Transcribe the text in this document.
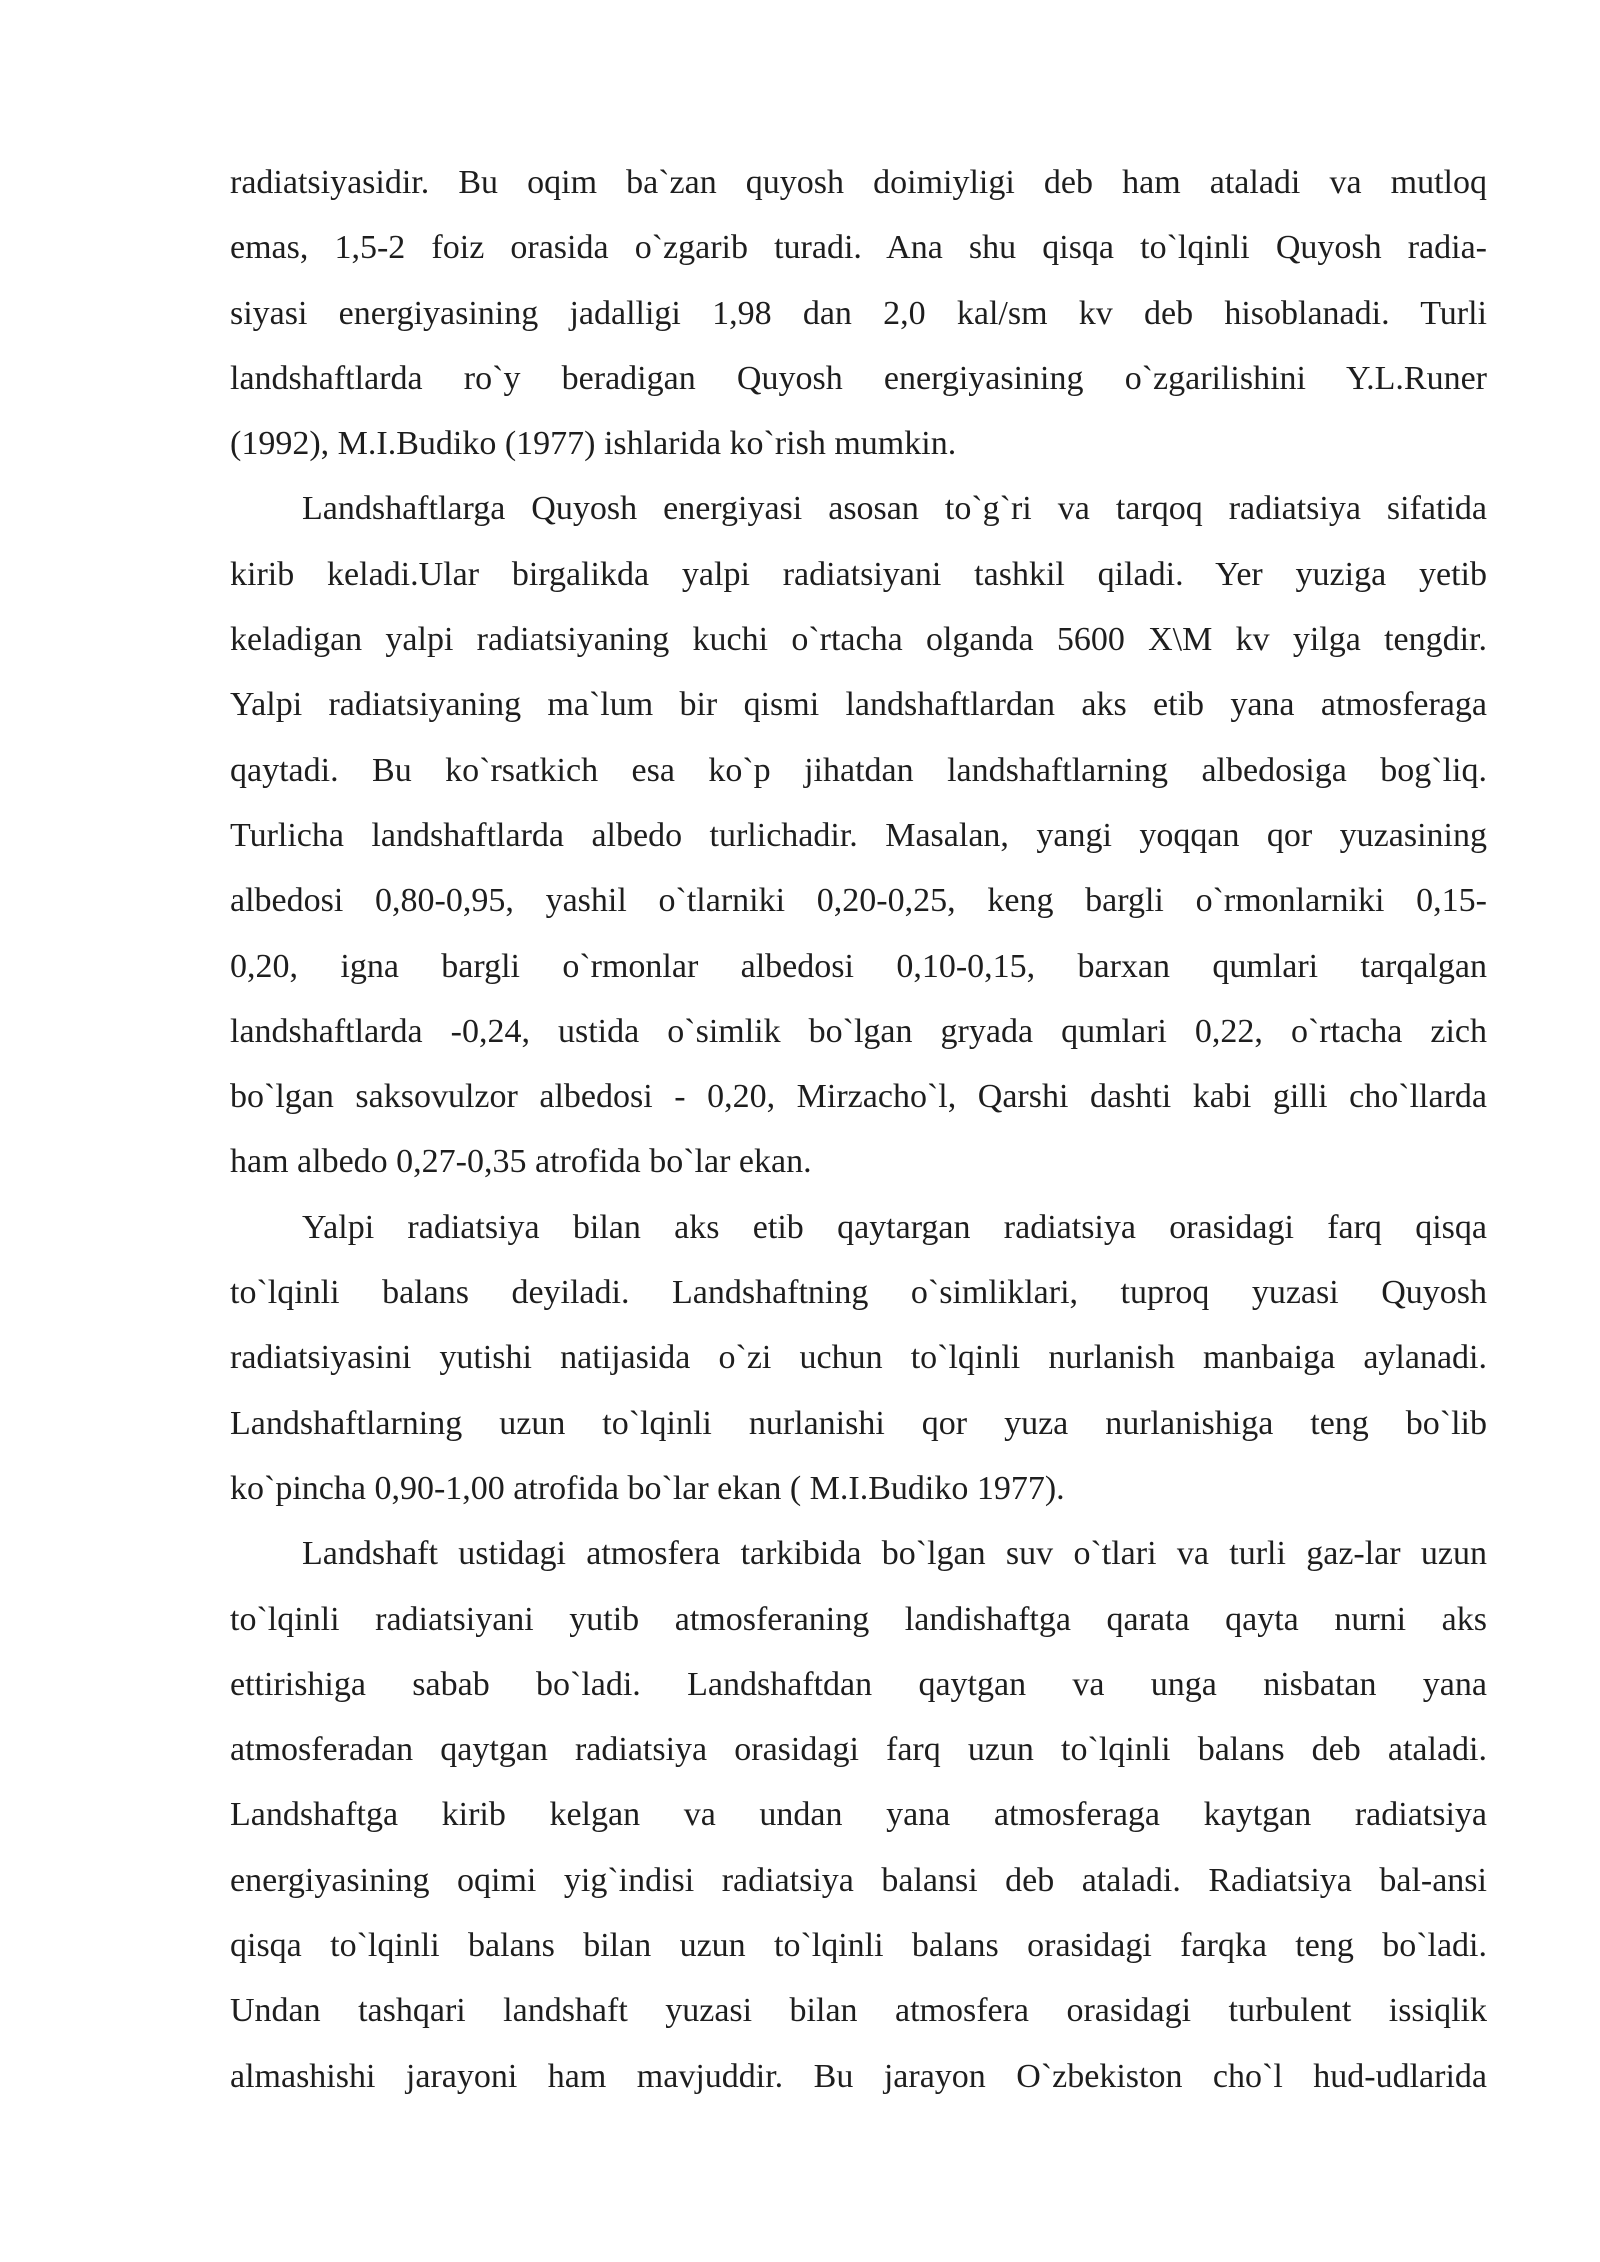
radiatsiyasidir. Bu oqim ba`zan quyosh doimiyligi deb ham ataladi va mutloq
emas, 1,5-2 foiz orasida o`zgarib turadi. Ana shu qisqa to`lqinli Quyosh radia-
siyasi energiyasining jadalligi 1,98 dan 2,0 kal/sm kv deb hisoblanadi. Turli
landshaftlarda ro`y beradigan Quyosh energiyasining o`zgarilishini Y.L.Runer
(1992), M.I.Budiko (1977) ishlarida ko`rish mumkin.
Landshaftlarga Quyosh energiyasi asosan to`g`ri va tarqoq radiatsiya sifatida
kirib keladi.Ular birgalikda yalpi radiatsiyani tashkil qiladi. Yer yuziga yetib
keladigan yalpi radiatsiyaning kuchi o`rtacha olganda 5600 X\M kv yilga tengdir.
Yalpi radiatsiyaning ma`lum bir qismi landshaftlardan aks etib yana atmosferaga
qaytadi. Bu ko`rsatkich esa ko`p jihatdan landshaftlarning albedosiga bog`liq.
Turlicha landshaftlarda albedo turlichadir. Masalan, yangi yoqqan qor yuzasining
albedosi 0,80-0,95, yashil o`tlarniki 0,20-0,25, keng bargli o`rmonlarniki 0,15-
0,20, igna bargli o`rmonlar albedosi 0,10-0,15, barxan qumlari tarqalgan
landshaftlarda -0,24, ustida o`simlik bo`lgan gryada qumlari 0,22, o`rtacha zich
bo`lgan saksovulzor albedosi - 0,20, Mirzacho`l, Qarshi dashti kabi gilli cho`llarda
ham albedo 0,27-0,35 atrofida bo`lar ekan.
Yalpi radiatsiya bilan aks etib qaytargan radiatsiya orasidagi farq qisqa
to`lqinli balans deyiladi. Landshaftning o`simliklari, tuproq yuzasi Quyosh
radiatsiyasini yutishi natijasida o`zi uchun to`lqinli nurlanish manbaiga aylanadi.
Landshaftlarning uzun to`lqinli nurlanishi qor yuza nurlanishiga teng bo`lib
ko`pincha 0,90-1,00 atrofida bo`lar ekan ( M.I.Budiko 1977).
Landshaft ustidagi atmosfera tarkibida bo`lgan suv o`tlari va turli gaz-lar uzun
to`lqinli radiatsiyani yutib atmosferaning landishaftga qarata qayta nurni aks
ettirishiga sabab bo`ladi. Landshaftdan qaytgan va unga nisbatan yana
atmosferadan qaytgan radiatsiya orasidagi farq uzun to`lqinli balans deb ataladi.
Landshaftga kirib kelgan va undan yana atmosferaga kaytgan radiatsiya
energiyasining oqimi yig`indisi radiatsiya balansi deb ataladi. Radiatsiya bal-ansi
qisqa to`lqinli balans bilan uzun to`lqinli balans orasidagi farqka teng bo`ladi.
Undan tashqari landshaft yuzasi bilan atmosfera orasidagi turbulent issiqlik
almashishi jarayoni ham mavjuddir. Bu jarayon O`zbekiston cho`l hud-udlarida
